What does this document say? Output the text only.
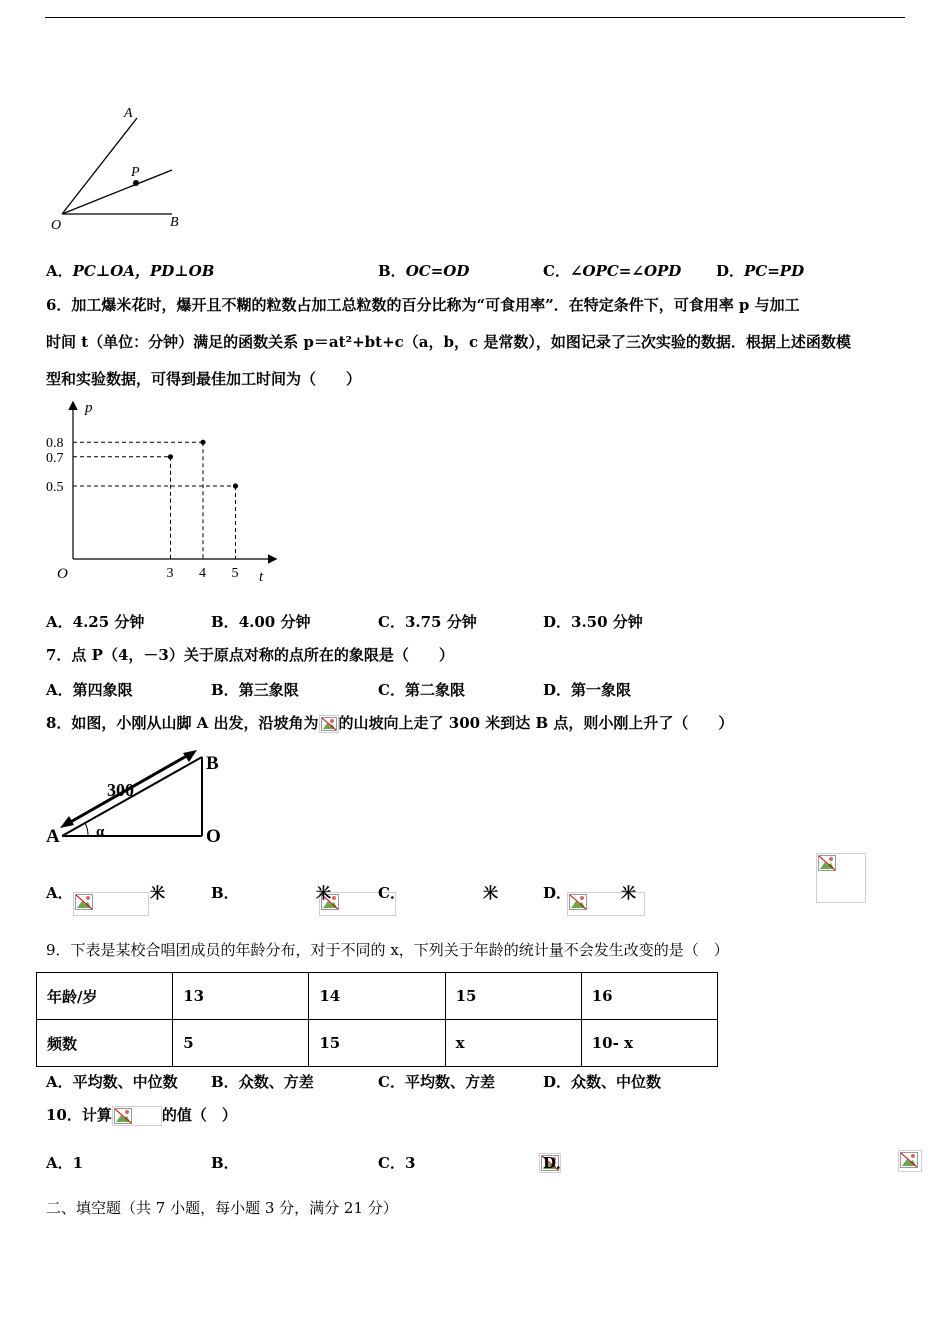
A
P
O	B
A．PC⊥OA，PD⊥OB	B．OC=OD	C．∠OPC=∠OPD D．PC=PD
6．加工爆米花时，爆开且不糊的粒数占加工总粒数的百分比称为“可食用率”．在特定条件下，可食用率 p 与加工
时间 t（单位：分钟）满足的函数关系 p＝at²+bt+c（a，b，c 是常数），如图记录了三次实验的数据．根据上述函数模
型和实验数据，可得到最佳加工时间为（　　）
3 4 5
0.5
0.7
0.8
p
t
O
A．4.25 分钟	B．4.00 分钟	C．3.75 分钟	D．3.50 分钟
7．点 P（4，－3）关于原点对称的点所在的象限是（　　）
A．第四象限	B．第三象限	C．第二象限	D．第一象限
8．如图，小刚从山脚 A 出发，沿坡角为 的山坡向上走了 300 米到达 B 点，则小刚上升了（　　）
300
A
B
O
α
A．
	米	B．
	米	C．
	米	D．
	米
9．下表是某校合唱团成员的年龄分布，对于不同的 x，下列关于年龄的统计量不会发生改变的是（　）
年龄/岁	13	14	15	16
频数	5	15	x	10- x
A．平均数、中位数 B．众数、方差	C．平均数、方差	D．众数、中位数
10．计算	的值（　）
A．1	B．
	C．3	D．
二、填空题（共 7 小题，每小题 3 分，满分 21 分）
